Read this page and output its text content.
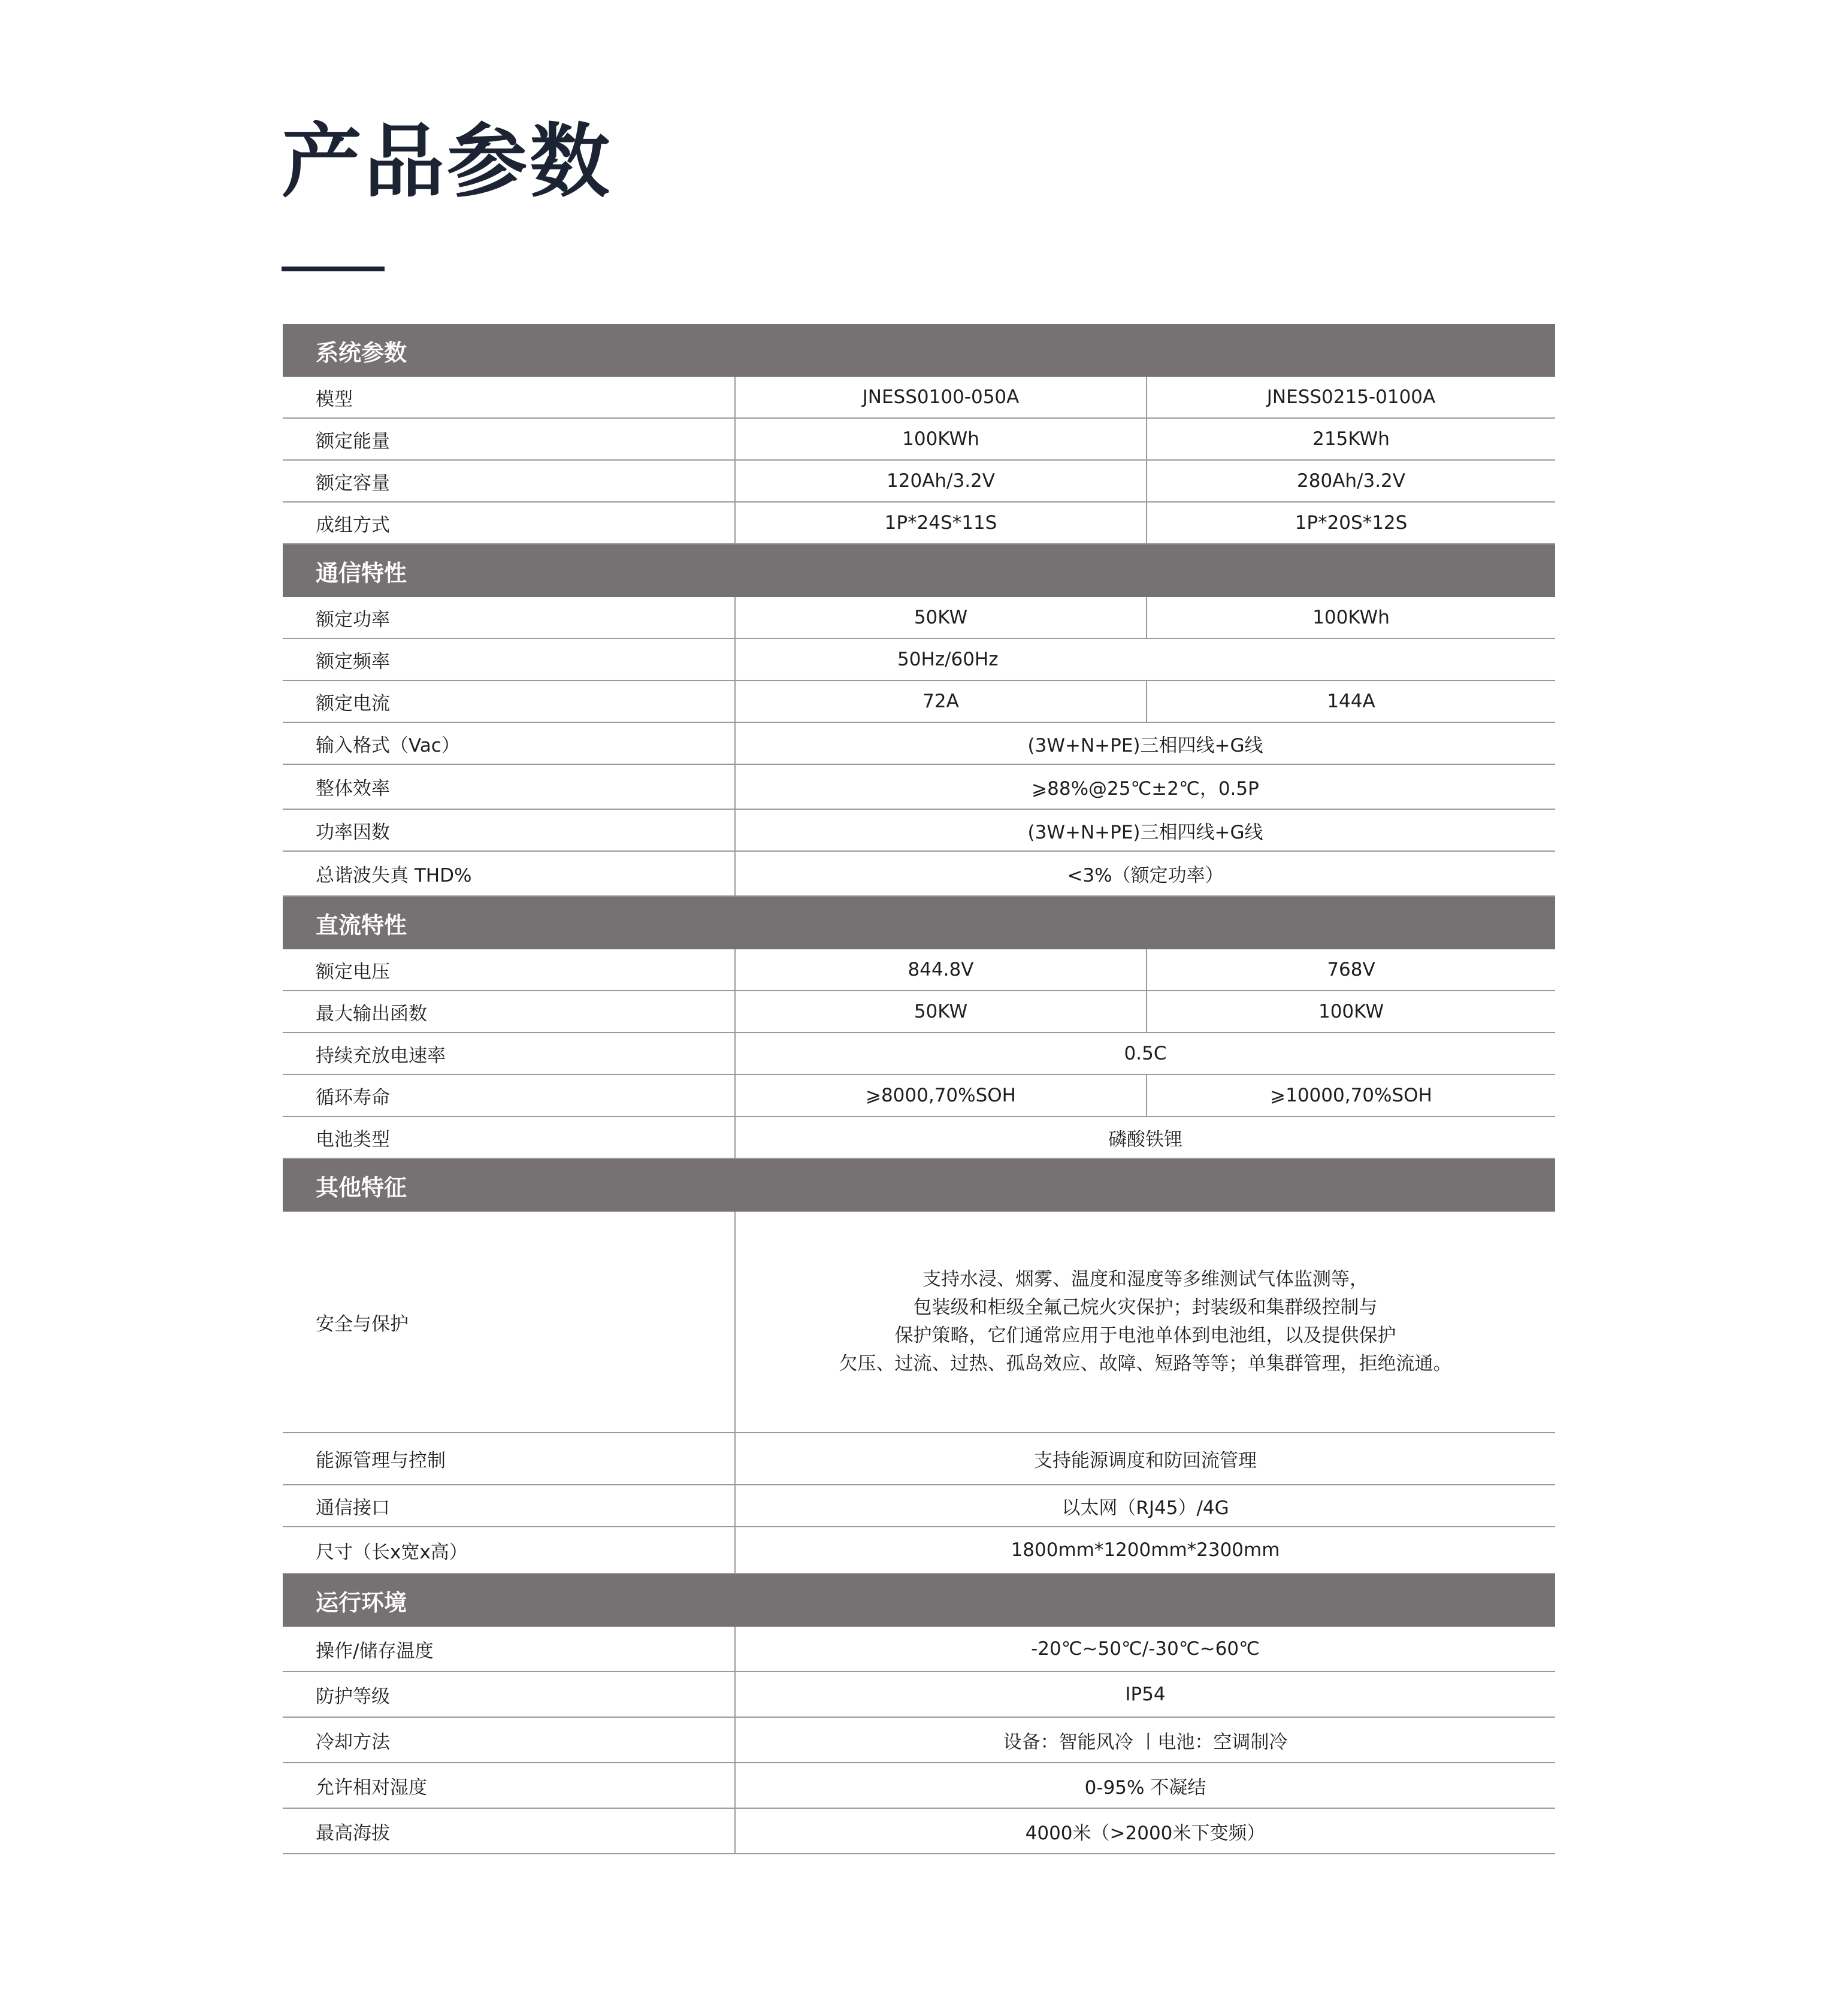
产品参数
系统参数		
模型	JNESS0100-050A	JNESS0215-0100A
额定能量	100KWh	215KWh
额定容量	120Ah/3.2V	280Ah/3.2V
成组方式	1P*24S*11S	1P*20S*12S
通信特性		
额定功率	50KW	100KWh
额定频率	50Hz/60Hz	
额定电流	72A	144A
输入格式（Vac）	(3W+N+PE)三相四线+G线	
整体效率	⩾88%@25℃±2℃，0.5P	
功率因数	(3W+N+PE)三相四线+G线	
总谐波失真 THD%	<3%（额定功率）	
直流特性		
额定电压	844.8V	768V
最大输出函数	50KW	100KW
持续充放电速率	0.5C	
循环寿命	⩾8000,70%SOH	⩾10000,70%SOH
电池类型	磷酸铁锂	
其他特征		
安全与保护	支持水浸、烟雾、温度和湿度等多维测试气体监测等，
包装级和柜级全氟己烷火灾保护；封装级和集群级控制与
保护策略，它们通常应用于电池单体到电池组，以及提供保护
欠压、过流、过热、孤岛效应、故障、短路等等；单集群管理，拒绝流通。	

能源管理与控制	支持能源调度和防回流管理	
通信接口	以太网（RJ45）/4G	
尺寸（长x宽x高）	1800mm*1200mm*2300mm	
运行环境		
操作/储存温度	-20℃~50℃/-30℃~60℃	
防护等级	IP54	
冷却方法	设备：智能风冷 丨电池：空调制冷	
允许相对湿度	0-95% 不凝结	
最高海拔	4000米（>2000米下变频）	
